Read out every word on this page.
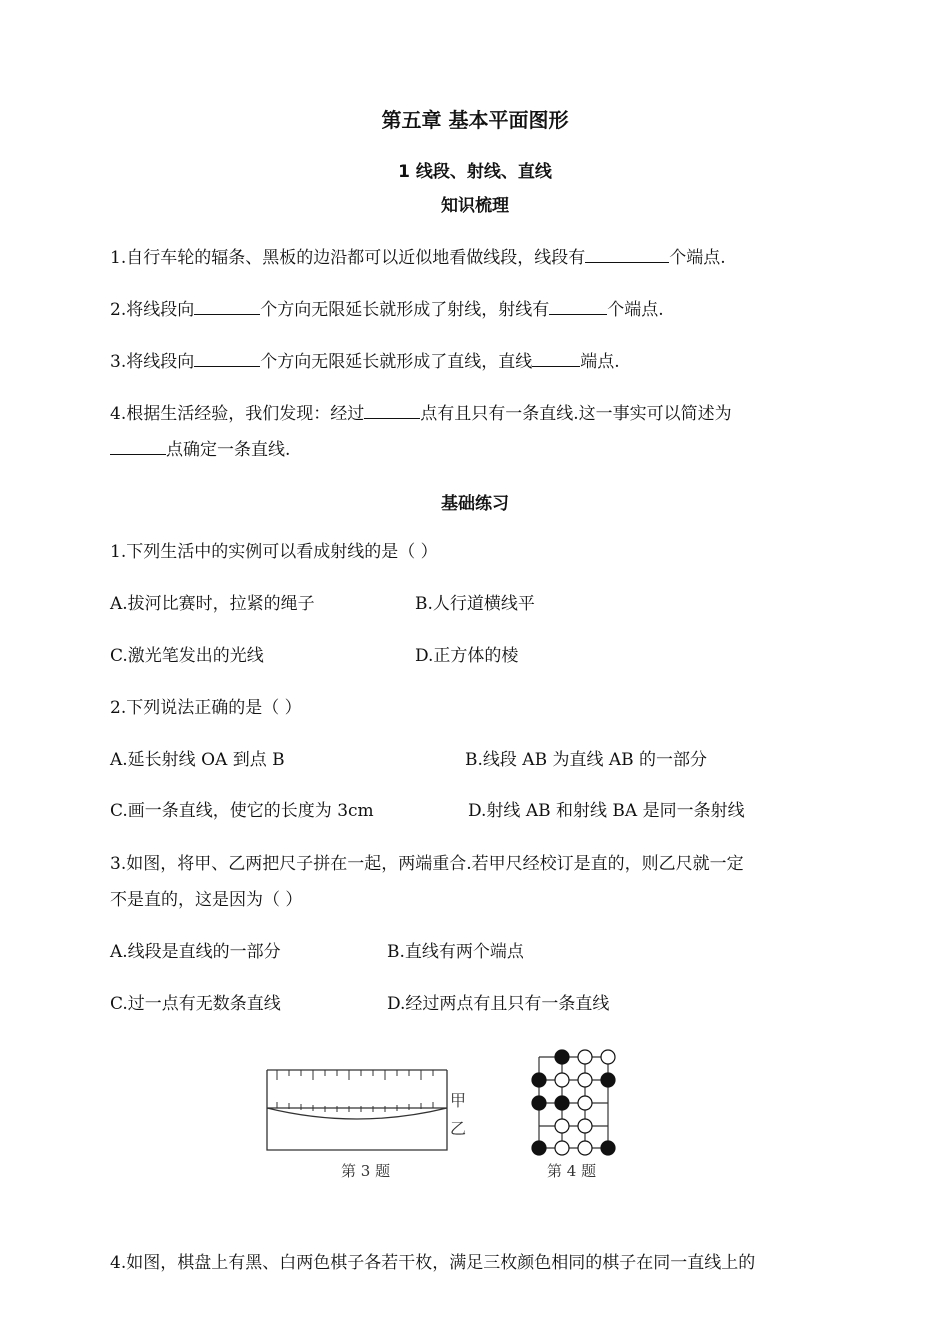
第五章 基本平面图形
1 线段、射线、直线
知识梳理
1.自行车轮的辐条、黑板的边沿都可以近似地看做线段，线段有	个端点.
2.将线段向	个方向无限延长就形成了射线，射线有	个端点.
3.将线段向	个方向无限延长就形成了直线，直线	端点.
4.根据生活经验，我们发现：经过	点有且只有一条直线.这一事实可以简述为
点确定一条直线.
基础练习
1.下列生活中的实例可以看成射线的是（ ）
A.拔河比赛时，拉紧的绳子	B.人行道横线平
C.激光笔发出的光线	D.正方体的棱
2.下列说法正确的是（ ）
A.延长射线 OA 到点 B	B.线段 AB 为直线 AB 的一部分
C.画一条直线，使它的长度为 3cm	D.射线 AB 和射线 BA 是同一条射线
3.如图，将甲、乙两把尺子拼在一起，两端重合.若甲尺经校订是直的，则乙尺就一定
不是直的，这是因为（ ）
A.线段是直线的一部分	B.直线有两个端点
C.过一点有无数条直线	D.经过两点有且只有一条直线
甲
乙
第 3 题	第 4 题
4.如图，棋盘上有黑、白两色棋子各若干枚，满足三枚颜色相同的棋子在同一直线上的
